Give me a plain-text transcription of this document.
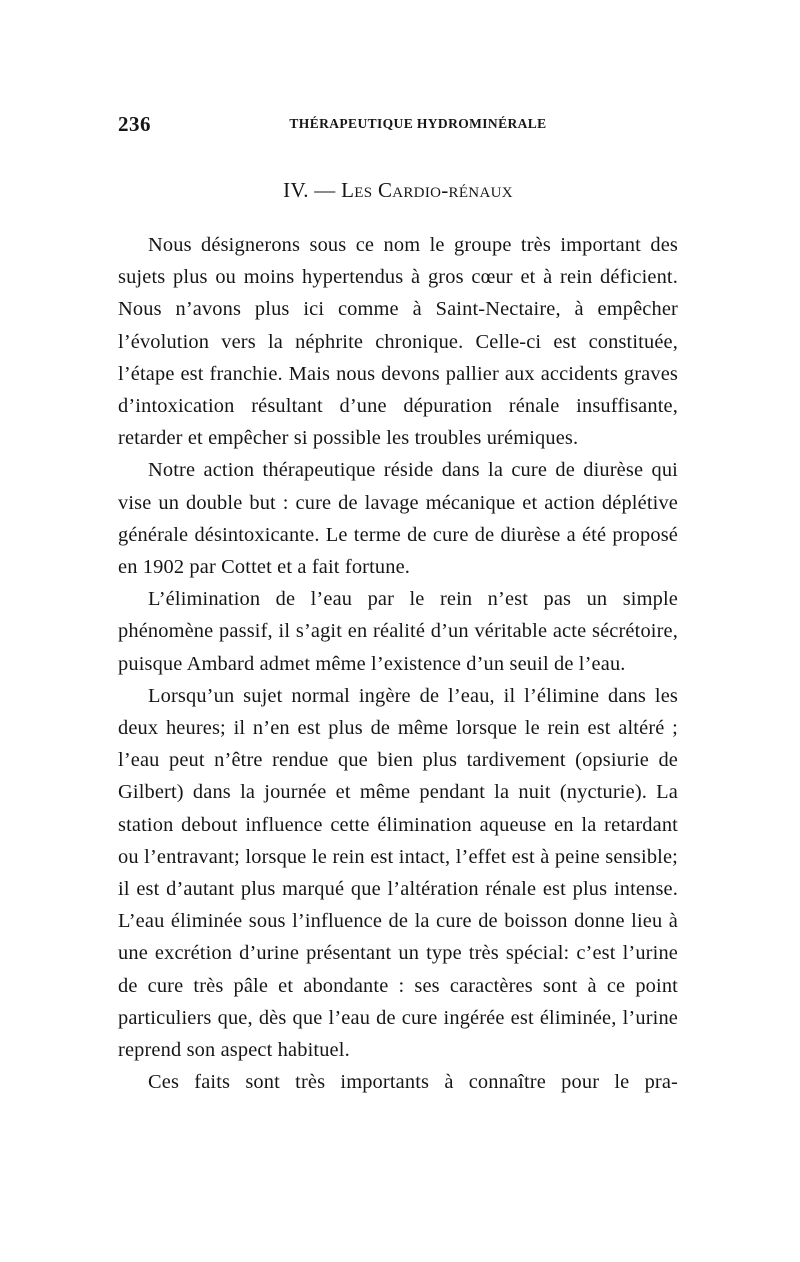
236	THÉRAPEUTIQUE HYDROMINÉRALE
IV. — Les Cardio-rénaux

Nous désignerons sous ce nom le groupe très important des sujets plus ou moins hypertendus à gros cœur et à rein déficient. Nous n’avons plus ici comme à Saint-Nectaire, à empêcher l’évolution vers la néphrite chronique. Celle-ci est constituée, l’étape est franchie. Mais nous devons pallier aux accidents graves d’intoxication résultant d’une dépuration rénale insuffisante, retarder et empêcher si possible les troubles urémiques.

Notre action thérapeutique réside dans la cure de diurèse qui vise un double but : cure de lavage mécanique et action déplétive générale désintoxicante. Le terme de cure de diurèse a été proposé en 1902 par Cottet et a fait fortune.

L’élimination de l’eau par le rein n’est pas un simple phénomène passif, il s’agit en réalité d’un véritable acte sécrétoire, puisque Ambard admet même l’existence d’un seuil de l’eau.

Lorsqu’un sujet normal ingère de l’eau, il l’élimine dans les deux heures; il n’en est plus de même lorsque le rein est altéré ; l’eau peut n’être rendue que bien plus tardivement (opsiurie de Gilbert) dans la journée et même pendant la nuit (nycturie). La station debout influence cette élimination aqueuse en la retardant ou l’entravant; lorsque le rein est intact, l’effet est à peine sensible; il est d’autant plus marqué que l’altération rénale est plus intense. L’eau éliminée sous l’influence de la cure de boisson donne lieu à une excrétion d’urine présentant un type très spécial: c’est l’urine de cure très pâle et abondante : ses caractères sont à ce point particuliers que, dès que l’eau de cure ingérée est éliminée, l’urine reprend son aspect habituel.

Ces faits sont très importants à connaître pour le pra-
